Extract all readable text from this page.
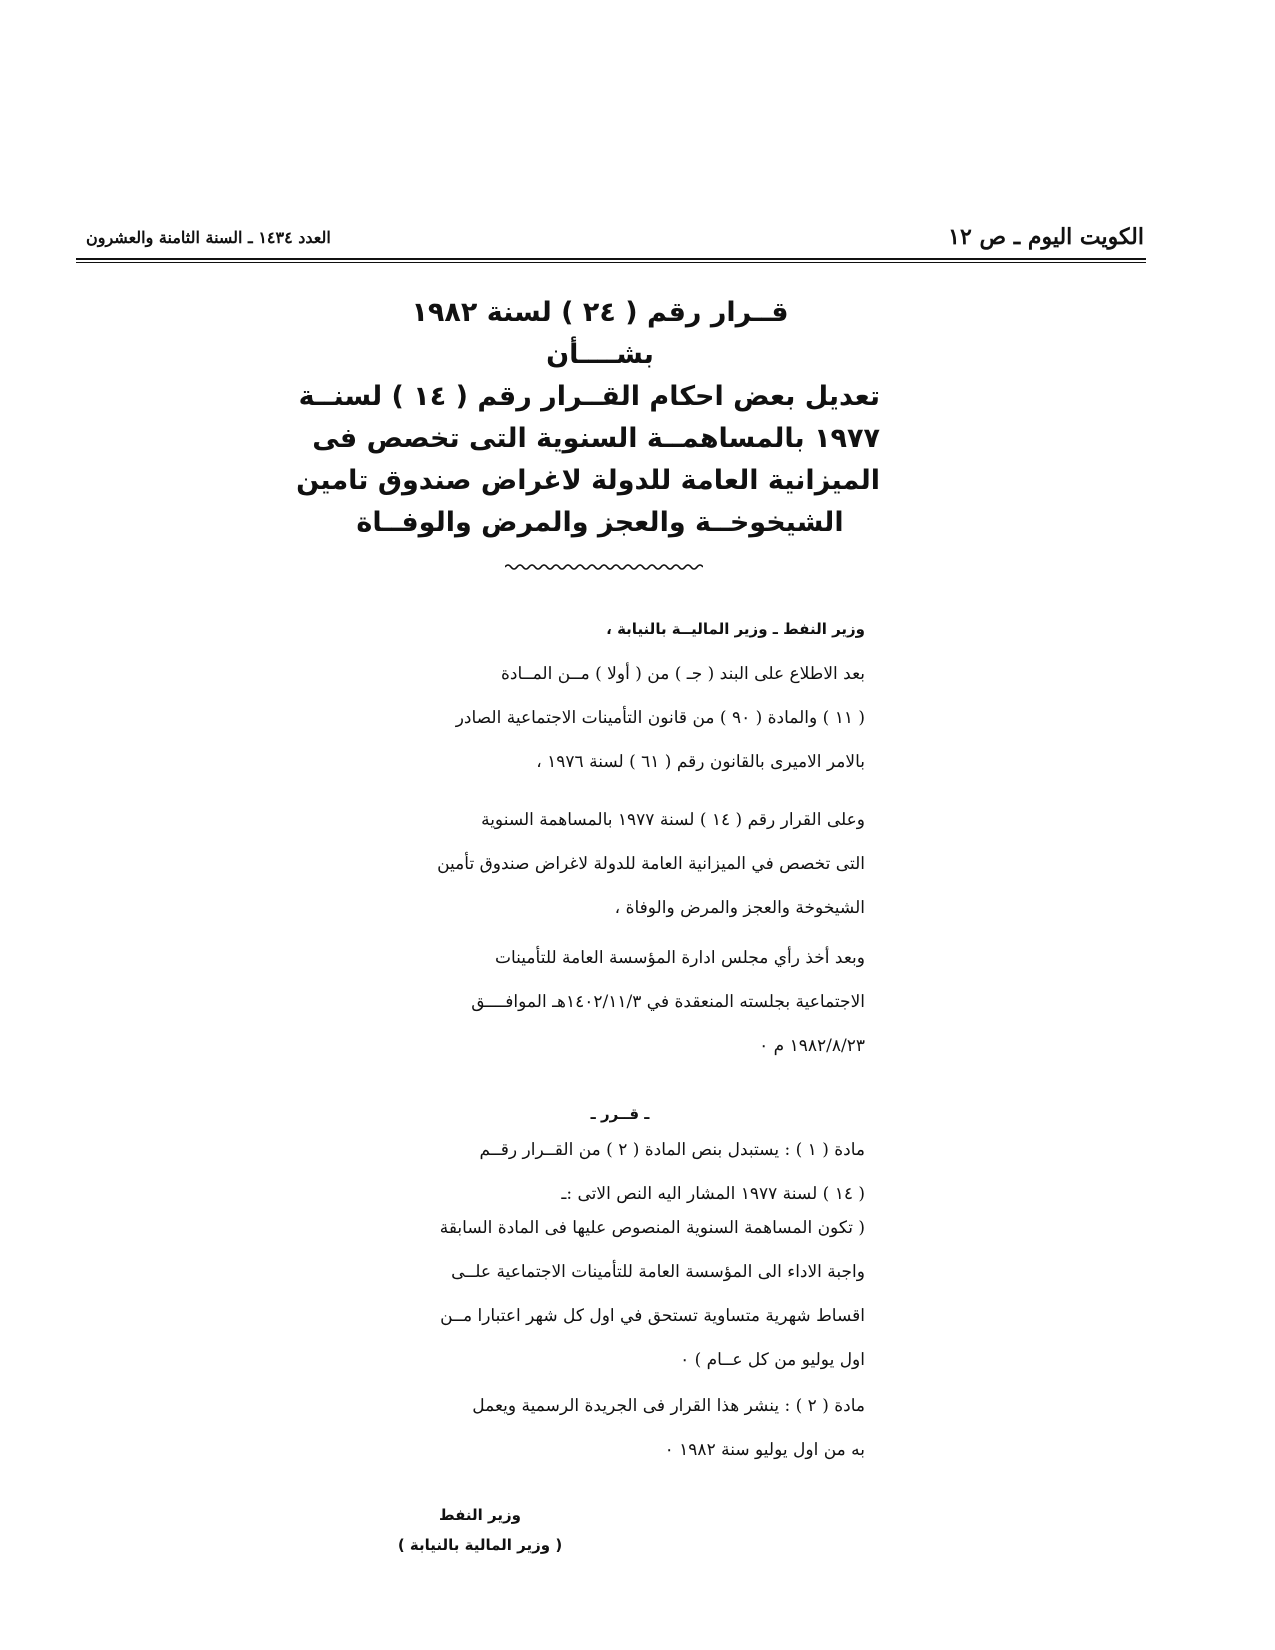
الكويت اليوم ـ ص ١٢
العدد ١٤٣٤ ـ السنة الثامنة والعشرون
قــرار رقم ( ٢٤ ) لسنة ١٩٨٢
بشــــأن
تعديل بعض احكام القــرار رقم ( ١٤ ) لسنــة
١٩٧٧ بالمساهمــة السنوية التى تخصص فى
الميزانية العامة للدولة لاغراض صندوق تامين
الشيخوخــة والعجز والمرض والوفــاة
وزير النفط ـ وزير الماليــة بالنيابة ،
بعد الاطلاع على البند ( جـ ) من ( أولا ) مــن المــادة
( ١١ ) والمادة ( ٩٠ ) من قانون التأمينات الاجتماعية الصادر
بالامر الاميرى بالقانون رقم ( ٦١ ) لسنة ١٩٧٦ ،
وعلى القرار رقم ( ١٤ ) لسنة ١٩٧٧ بالمساهمة السنوية
التى تخصص في الميزانية العامة للدولة لاغراض صندوق تأمين
الشيخوخة والعجز والمرض والوفاة ،
وبعد أخذ رأي مجلس ادارة المؤسسة العامة للتأمينات
الاجتماعية بجلسته المنعقدة في ١٤٠٢/١١/٣هـ الموافــــق
١٩٨٢/٨/٢٣ م ٠
ـ قــرر ـ
مادة ( ١ ) : يستبدل بنص المادة ( ٢ ) من القــرار رقــم
( ١٤ ) لسنة ١٩٧٧ المشار اليه النص الاتى :ـ
( تكون المساهمة السنوية المنصوص عليها فى المادة السابقة
واجبة الاداء الى المؤسسة العامة للتأمينات الاجتماعية علــى
اقساط شهرية متساوية تستحق في اول كل شهر اعتبارا مــن
اول يوليو من كل عــام ) ٠
مادة ( ٢ ) : ينشر هذا القرار فى الجريدة الرسمية ويعمل
به من اول يوليو سنة ١٩٨٢ ٠
وزير النفط
( وزير المالية بالنيابة )
